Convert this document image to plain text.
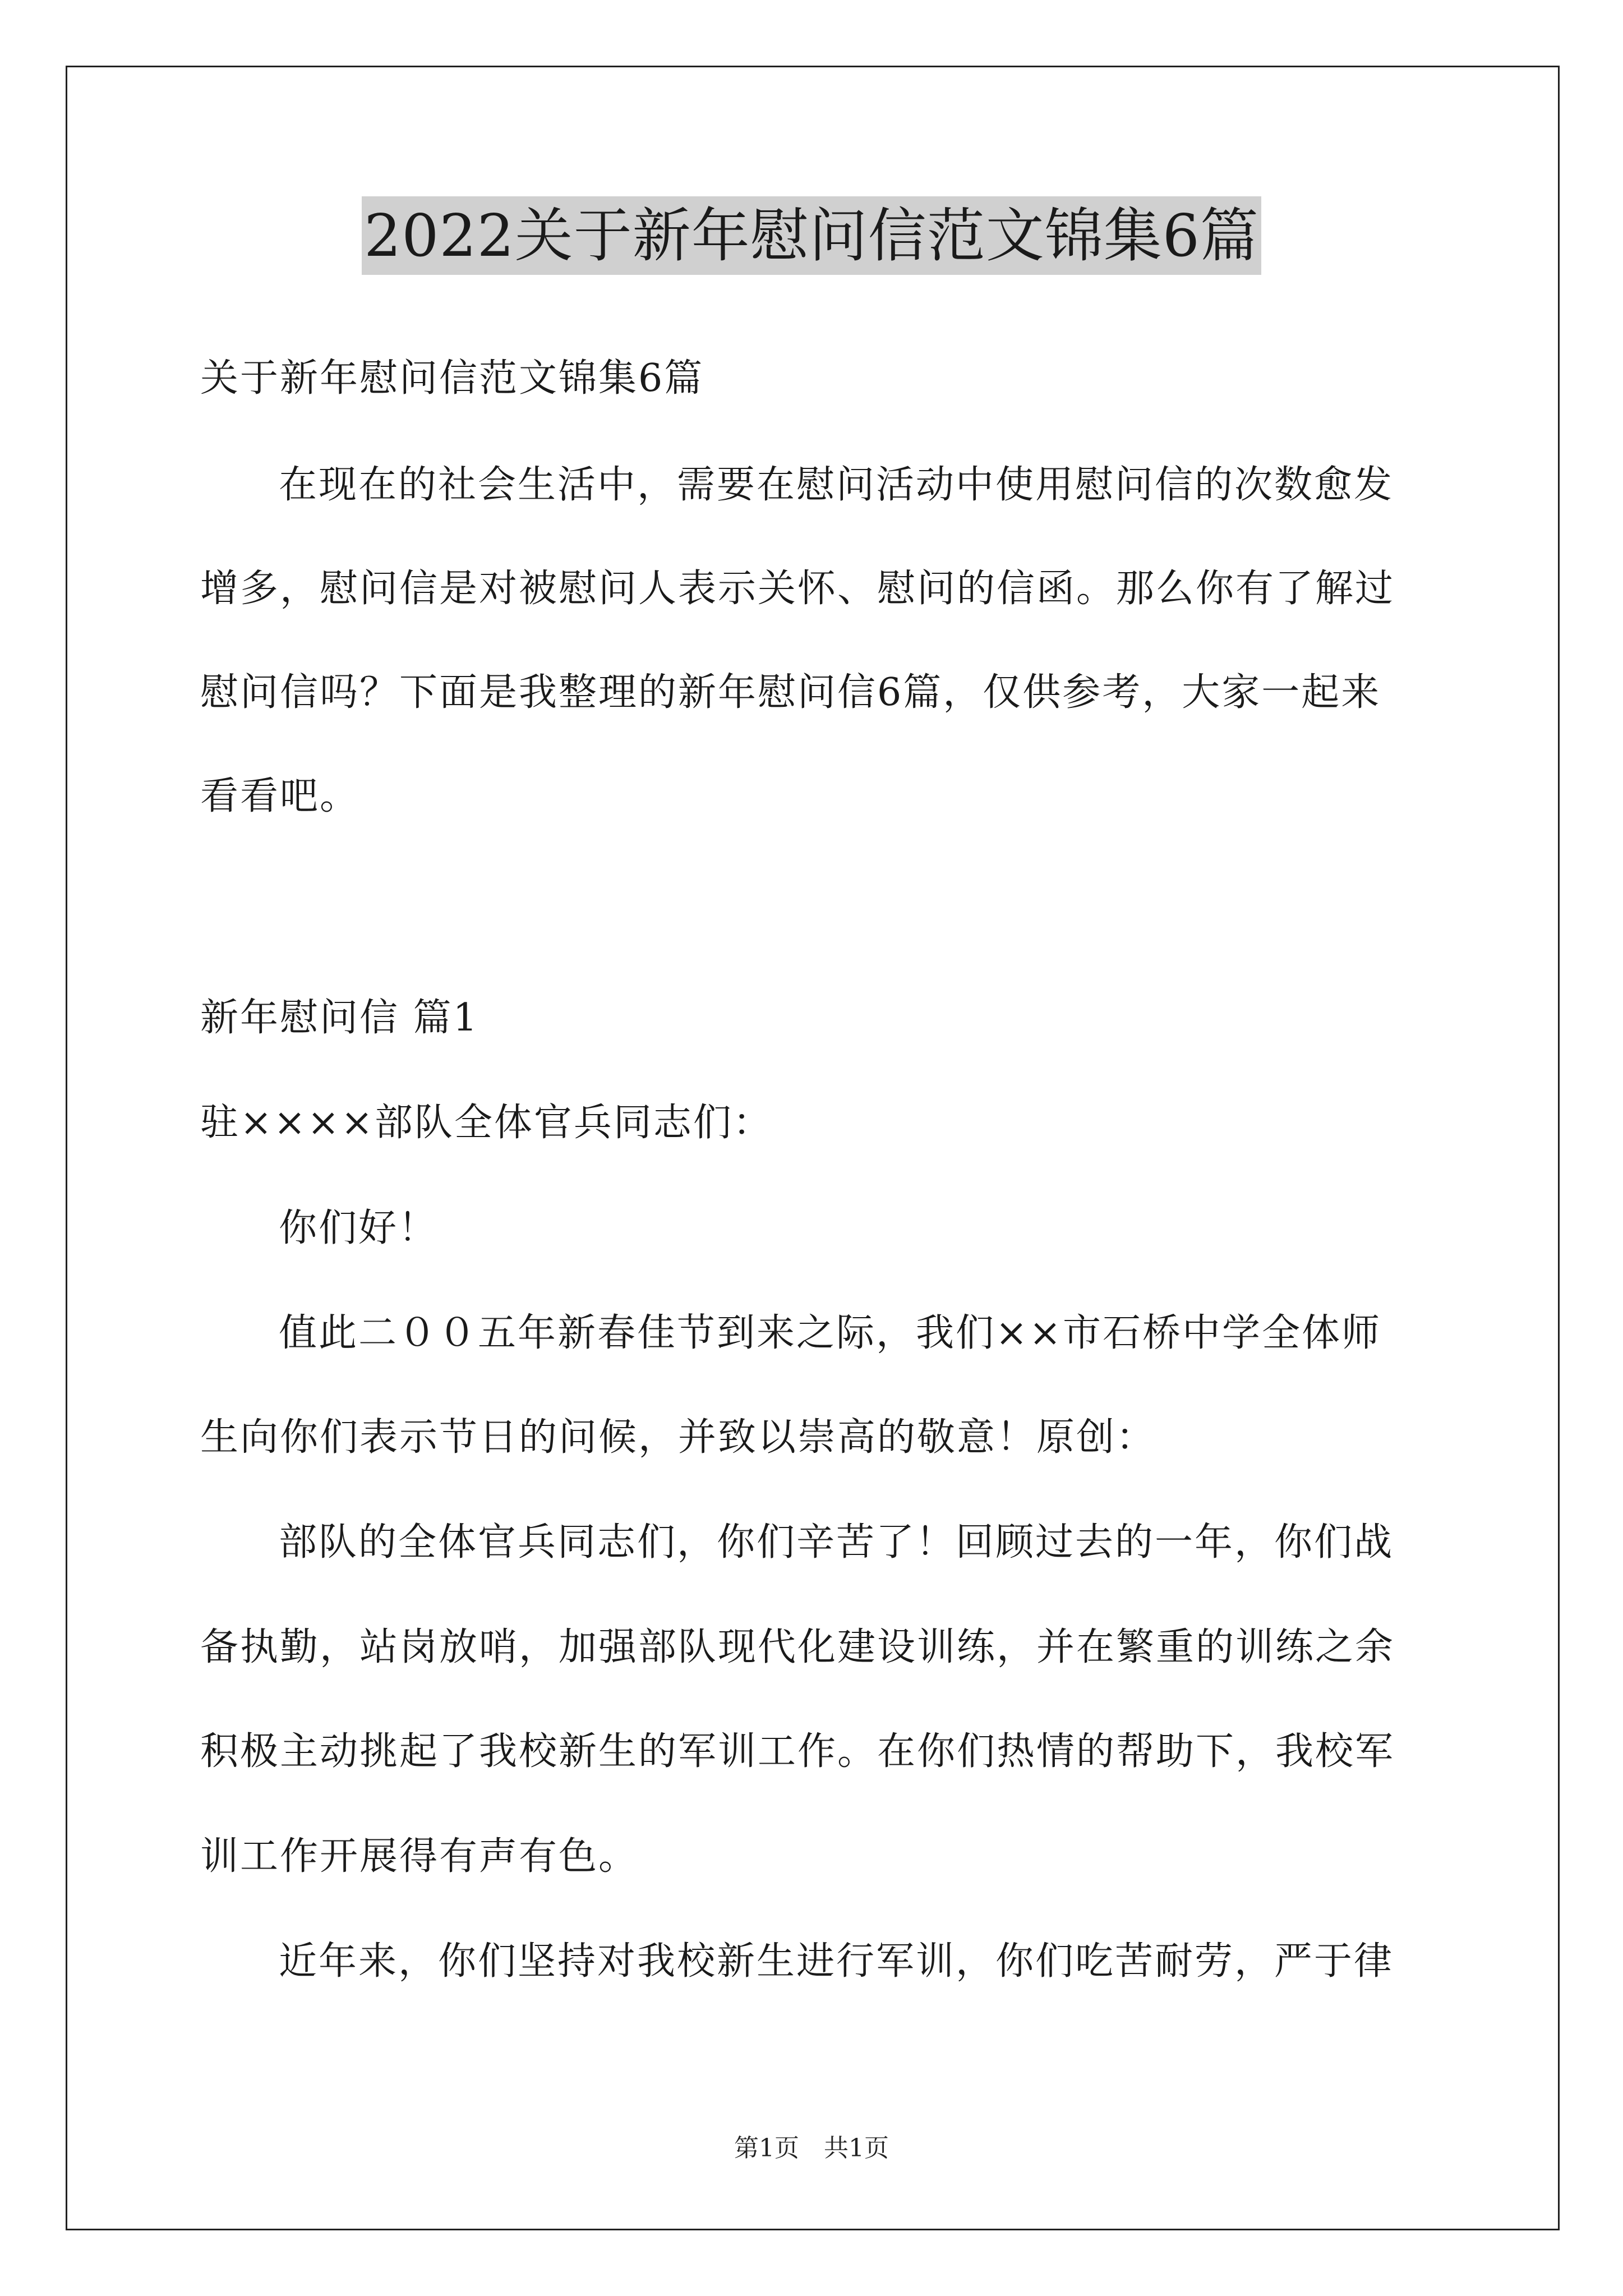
2022关于新年慰问信范文锦集6篇
关于新年慰问信范文锦集6篇
在现在的社会生活中，需要在慰问活动中使用慰问信的次数愈发
增多，慰问信是对被慰问人表示关怀、慰问的信函。那么你有了解过
慰问信吗？下面是我整理的新年慰问信6篇，仅供参考，大家一起来
看看吧。
新年慰问信 篇1
驻××××部队全体官兵同志们：
你们好！
值此二００五年新春佳节到来之际，我们××市石桥中学全体师
生向你们表示节日的问候，并致以崇高的敬意！原创：
部队的全体官兵同志们，你们辛苦了！回顾过去的一年，你们战
备执勤，站岗放哨，加强部队现代化建设训练，并在繁重的训练之余
积极主动挑起了我校新生的军训工作。在你们热情的帮助下，我校军
训工作开展得有声有色。
近年来，你们坚持对我校新生进行军训，你们吃苦耐劳，严于律
第1页　共1页
